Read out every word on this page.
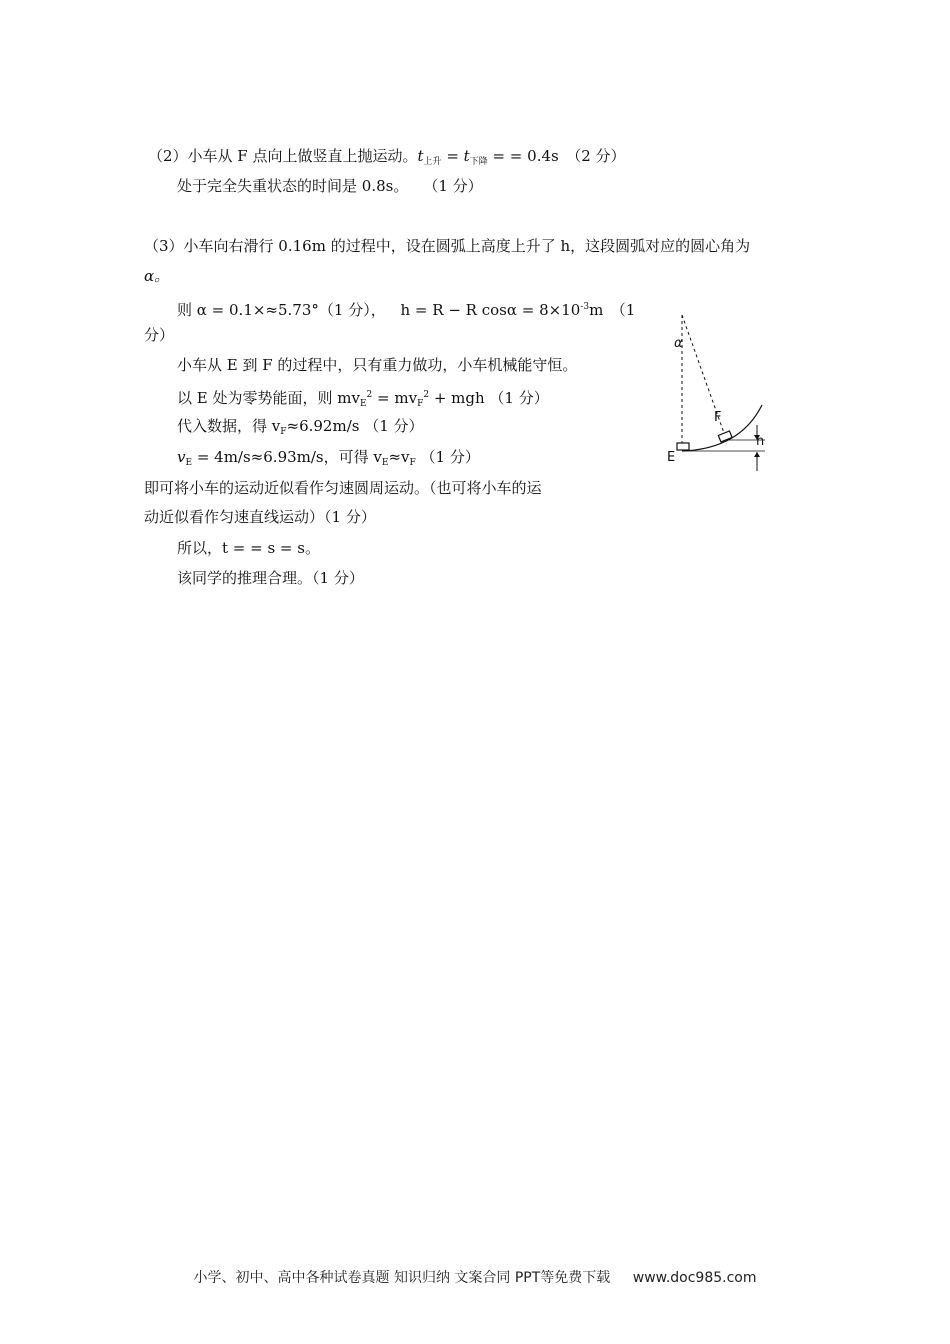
（2）小车从 F 点向上做竖直上抛运动。$t_{上升} = t_{下降}$ = = 0.4s　（2 分）
处于完全失重状态的时间是 0.8s。　　（1 分）
（3）小车向右滑行 0.16m 的过程中，设在圆弧上高度上升了 h，这段圆弧对应的圆心角为
α。
则 α = 0.1×≈5.73°（1 分）， h = R − R $\cos\alpha = 8\times 10^{-3}m$　（1
分）
小车从 E 到 F 的过程中，只有重力做功，小车机械能守恒。
以 E 处为零势能面，则 $mv_E^2 = mv_F^2$ + mgh （1 分）
代入数据，得 $v_F\approx 6.92m/s$ （1 分）
$v_E = 4m/s\approx 6.93m/s$，可得 $v_E\approx v_F$ （1 分）
即可将小车的运动近似看作匀速圆周运动。（也可将小车的运
动近似看作匀速直线运动）（1 分）
所以，t = = s = s。
该同学的推理合理。（1 分）
α
F
h
E
小学、初中、高中各种试卷真题 知识归纳 文案合同 PPT等免费下载 www.doc985.com
